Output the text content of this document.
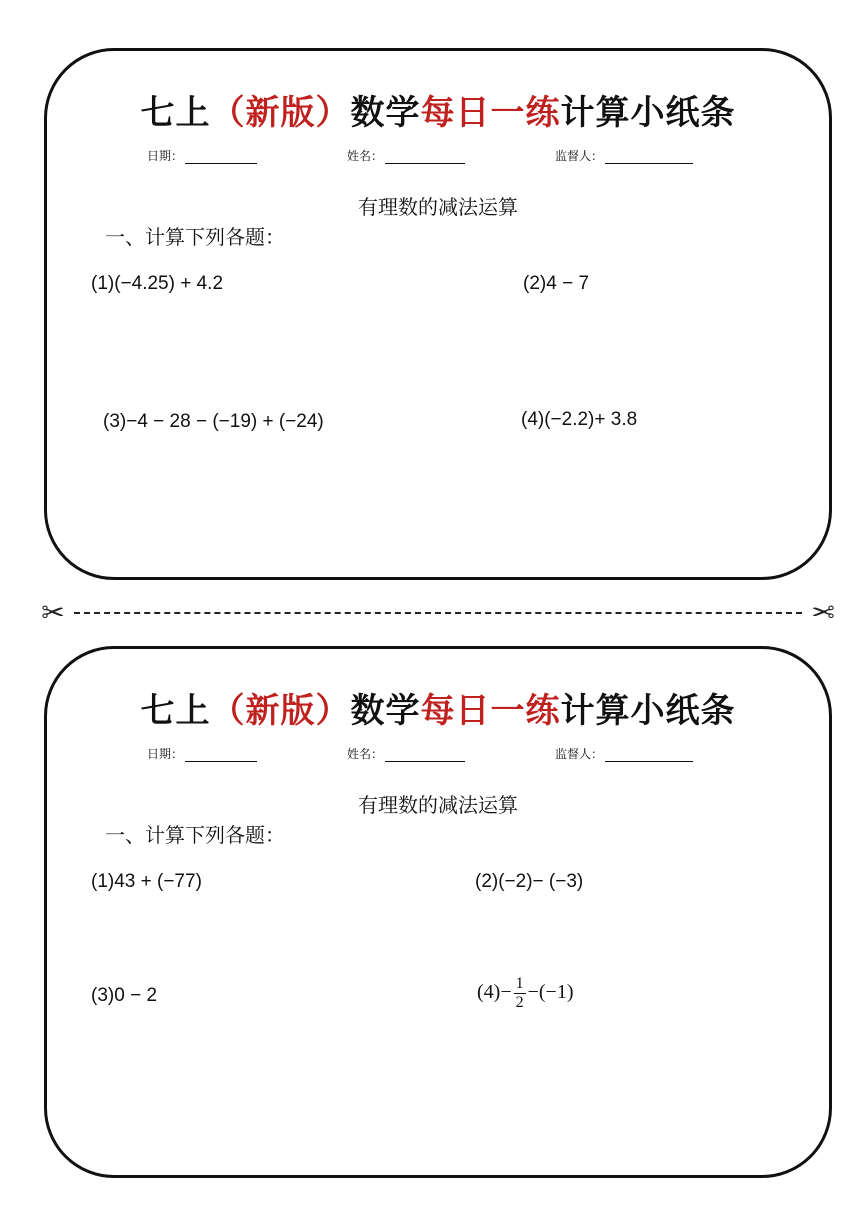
七上（新版）数学每日一练计算小纸条
日期：	姓名：	监督人：
有理数的减法运算
一、计算下列各题：
(1)(−4.25) + 4.2	(2)4 − 7
(3)−4 − 28 − (−19) + (−24)	(4)(−2.2)+ 3.8
✂	✂
七上（新版）数学每日一练计算小纸条
日期：	姓名：	监督人：
有理数的减法运算
一、计算下列各题：
(1)43 + (−77)	(2)(−2)− (−3)
(3)0 − 2	$(4)- \frac{1}{2} -(-1)$
